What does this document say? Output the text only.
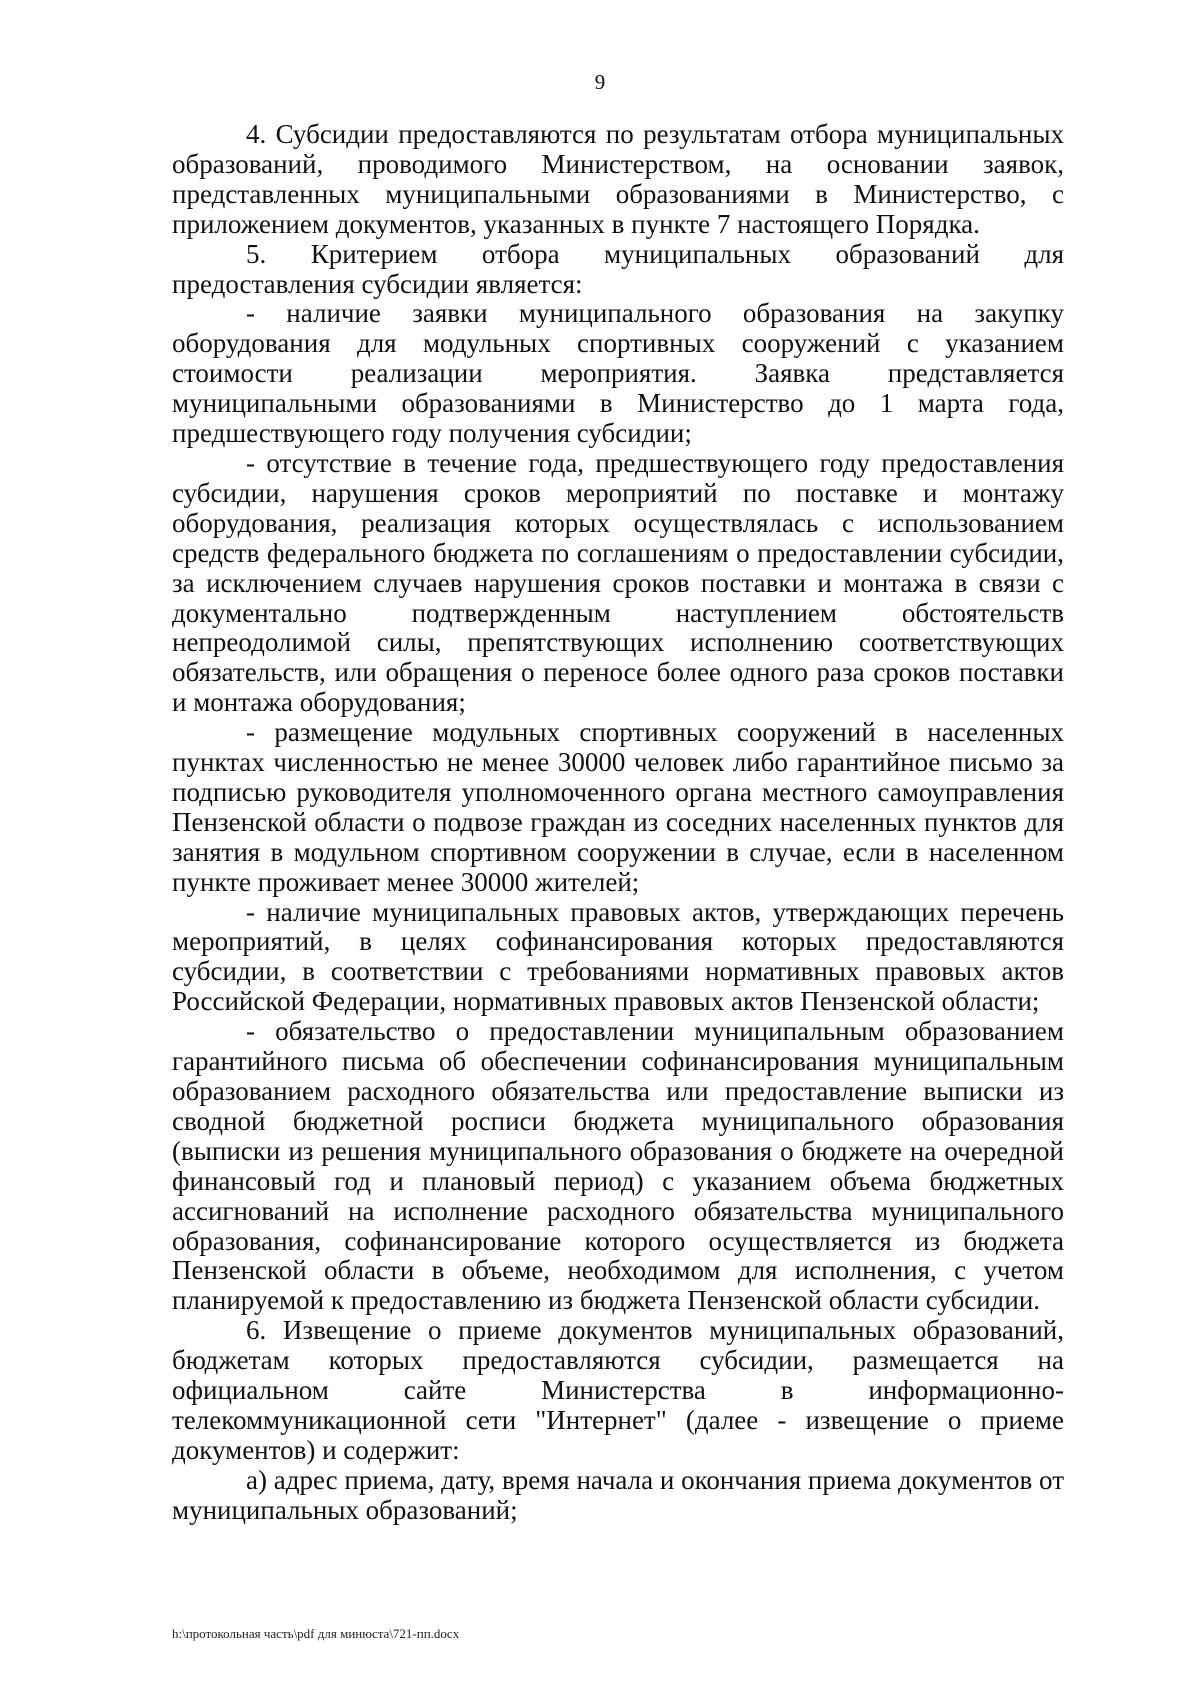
9

4. Субсидии предоставляются по результатам отбора муниципальных образований, проводимого Министерством, на основании заявок, представленных муниципальными образованиями в Министерство, с приложением документов, указанных в пункте 7 настоящего Порядка.

5. Критерием отбора муниципальных образований для предоставления субсидии является:

- наличие заявки муниципального образования на закупку оборудования для модульных спортивных сооружений с указанием стоимости реализации мероприятия. Заявка представляется муниципальными образованиями в Министерство до 1 марта года, предшествующего году получения субсидии;

- отсутствие в течение года, предшествующего году предоставления субсидии, нарушения сроков мероприятий по поставке и монтажу оборудования, реализация которых осуществлялась с использованием средств федерального бюджета по соглашениям о предоставлении субсидии, за исключением случаев нарушения сроков поставки и монтажа в связи с документально подтвержденным наступлением обстоятельств непреодолимой силы, препятствующих исполнению соответствующих обязательств, или обращения о переносе более одного раза сроков поставки и монтажа оборудования;

- размещение модульных спортивных сооружений в населенных пунктах численностью не менее 30000 человек либо гарантийное письмо за подписью руководителя уполномоченного органа местного самоуправления Пензенской области о подвозе граждан из соседних населенных пунктов для занятия в модульном спортивном сооружении в случае, если в населенном пункте проживает менее 30000 жителей;

- наличие муниципальных правовых актов, утверждающих перечень мероприятий, в целях софинансирования которых предоставляются субсидии, в соответствии с требованиями нормативных правовых актов Российской Федерации, нормативных правовых актов Пензенской области;

- обязательство о предоставлении муниципальным образованием гарантийного письма об обеспечении софинансирования муниципальным образованием расходного обязательства или предоставление выписки из сводной бюджетной росписи бюджета муниципального образования (выписки из решения муниципального образования о бюджете на очередной финансовый год и плановый период) с указанием объема бюджетных ассигнований на исполнение расходного обязательства муниципального образования, софинансирование которого осуществляется из бюджета Пензенской области в объеме, необходимом для исполнения, с учетом планируемой к предоставлению из бюджета Пензенской области субсидии.

6. Извещение о приеме документов муниципальных образований, бюджетам которых предоставляются субсидии, размещается на официальном сайте Министерства в информационно-телекоммуникационной сети "Интернет" (далее - извещение о приеме документов) и содержит:

а) адрес приема, дату, время начала и окончания приема документов от муниципальных образований;

h:\протокольная часть\pdf для минюста\721-пп.docx
